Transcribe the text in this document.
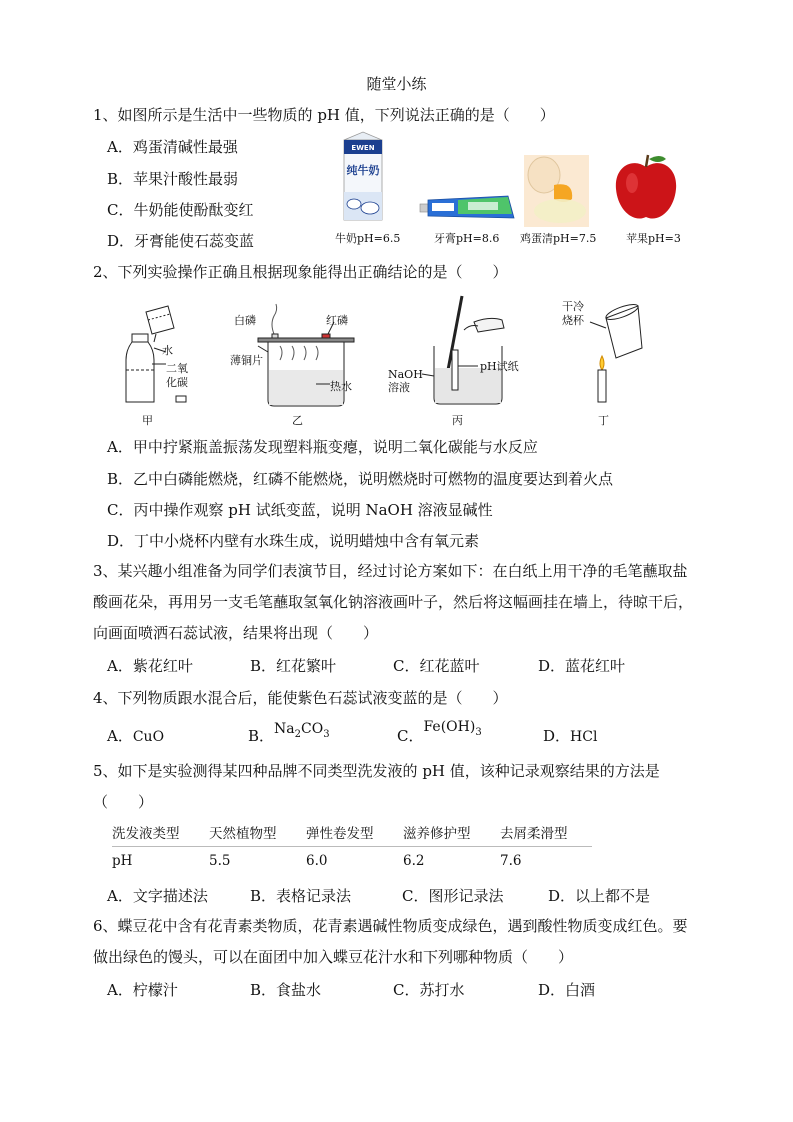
随堂小练
1、如图所示是生活中一些物质的 pH 值，下列说法正确的是（　　）
A．鸡蛋清碱性最强
B．苹果汁酸性最弱
C．牛奶能使酚酞变红
D．牙膏能使石蕊变蓝
EWEN
纯牛奶
牛奶pH=6.5	牙膏pH=8.6 鸡蛋清pH=7.5	苹果pH=3
2、下列实验操作正确且根据现象能得出正确结论的是（　　）
水
二氧
化碳
甲
白磷	红磷
薄铜片
热水
乙
NaOH
溶液
pH试纸
丙
干冷
烧杯
丁
A．甲中拧紧瓶盖振荡发现塑料瓶变瘪，说明二氧化碳能与水反应
B．乙中白磷能燃烧，红磷不能燃烧，说明燃烧时可燃物的温度要达到着火点
C．丙中操作观察 pH 试纸变蓝，说明 NaOH 溶液显碱性
D．丁中小烧杯内壁有水珠生成，说明蜡烛中含有氧元素
3、某兴趣小组准备为同学们表演节目，经过讨论方案如下：在白纸上用干净的毛笔蘸取盐酸画花朵，再用另一支毛笔蘸取氢氧化钠溶液画叶子，然后将这幅画挂在墙上，待晾干后，向画面喷洒石蕊试液，结果将出现（　　）
A．紫花红叶	B．红花繁叶	C．红花蓝叶	D．蓝花红叶
4、下列物质跟水混合后，能使紫色石蕊试液变蓝的是（　　）
A．CuO	B．$Na_2CO_3$	C．$Fe(OH)_3$	D．HCl
5、如下是实验测得某四种品牌不同类型洗发液的 pH 值，该种记录观察结果的方法是
（　　）
洗发液类型	天然植物型	弹性卷发型	滋养修护型	去屑柔滑型
pH	5.5	6.0	6.2	7.6
A．文字描述法	B．表格记录法	C．图形记录法	D．以上都不是
6、蝶豆花中含有花青素类物质，花青素遇碱性物质变成绿色，遇到酸性物质变成红色。要做出绿色的馒头，可以在面团中加入蝶豆花汁水和下列哪种物质（　　）
A．柠檬汁	B．食盐水	C．苏打水	D．白酒
